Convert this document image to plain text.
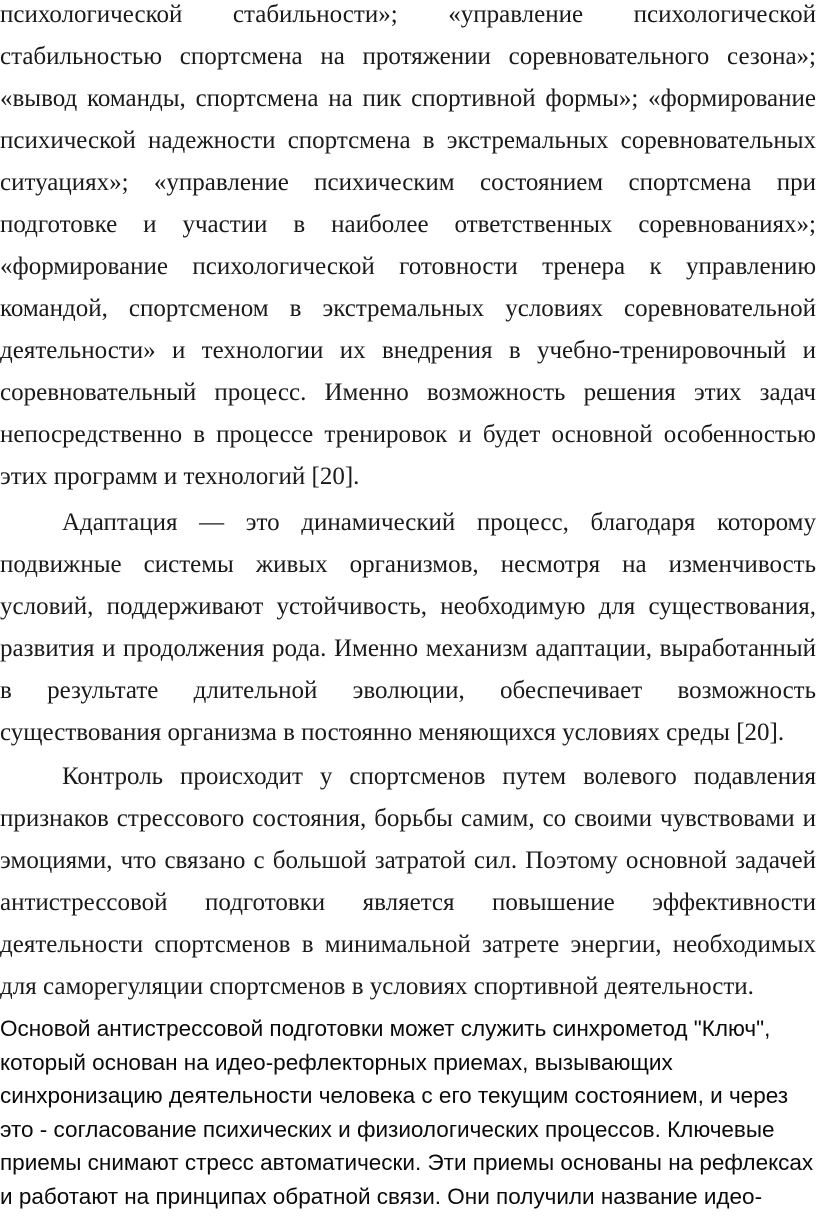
психологической стабильности»; «управление психологической стабильностью спортсмена на протяжении соревновательного сезона»; «вывод команды, спортсмена на пик спортивной формы»; «формирование психической надежности спортсмена в экстремальных соревновательных ситуациях»; «управление психическим состоянием спортсмена при подготовке и участии в наиболее ответственных соревнованиях»; «формирование психологической готовности тренера к управлению командой, спортсменом в экстремальных условиях соревновательной деятельности» и технологии их внедрения в учебно-тренировочный и соревновательный процесс. Именно возможность решения этих задач непосредственно в процессе тренировок и будет основной особенностью этих программ и технологий [20].

Адаптация — это динамический процесс, благодаря которому подвижные системы живых организмов, несмотря на изменчивость условий, поддерживают устойчивость, необходимую для существования, развития и продолжения рода. Именно механизм адаптации, выработанный в результате длительной эволюции, обеспечивает возможность существования организма в постоянно меняющихся условиях среды [20].

Контроль происходит у спортсменов путем волевого подавления признаков стрессового состояния, борьбы самим, со своими чувствовами и эмоциями, что связано с большой затратой сил. Поэтому основной задачей антистрессовой подготовки является повышение эффективности деятельности спортсменов в минимальной затрете энергии, необходимых для саморегуляции спортсменов в условиях спортивной деятельности.

Основой антистрессовой подготовки может служить синхрометод "Ключ", который основан на идео-рефлекторных приемах, вызывающих синхронизацию деятельности человека с его текущим состоянием, и через это - согласование психических и физиологических процессов. Ключевые приемы снимают стресс автоматически. Эти приемы основаны на рефлексах и работают на принципах обратной связи. Они получили название идео-
